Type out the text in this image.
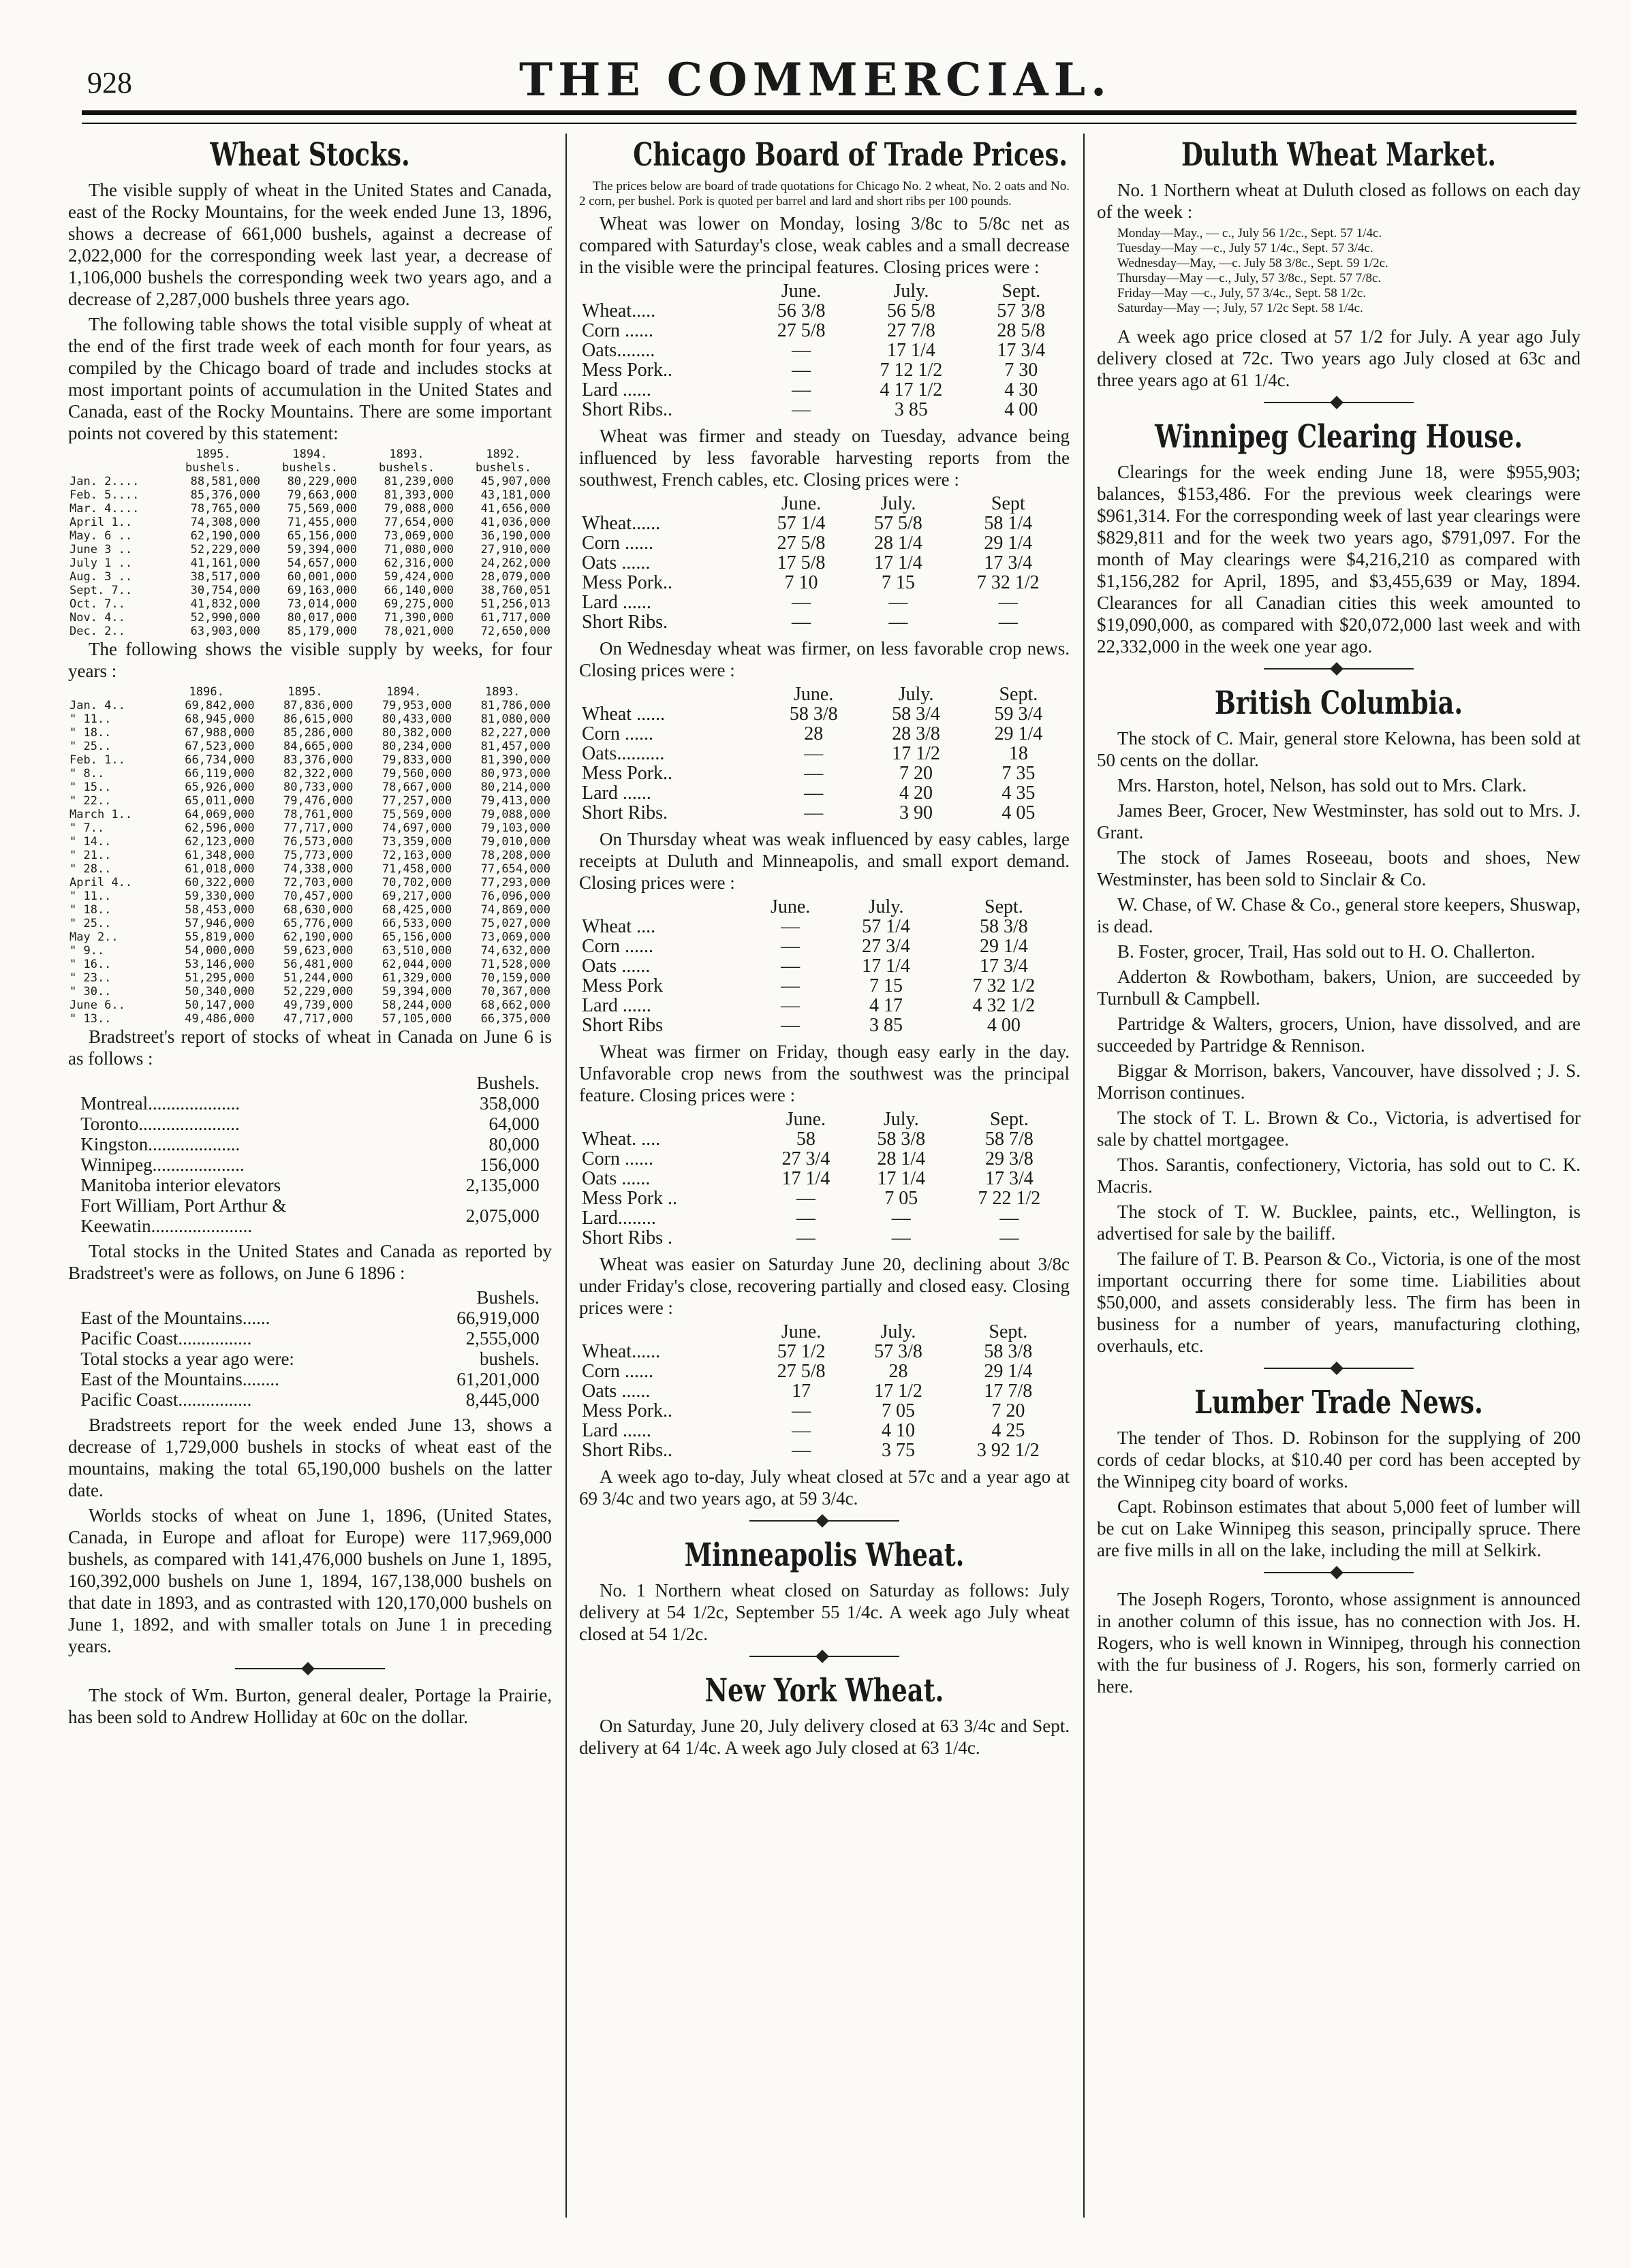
928	THE COMMERCIAL.
Wheat Stocks.

The visible supply of wheat in the United States and Canada, east of the Rocky Mountains, for the week ended June 13, 1896, shows a decrease of 661,000 bushels, against a decrease of 2,022,000 for the corresponding week last year, a decrease of 1,106,000 bushels the corresponding week two years ago, and a decrease of 2,287,000 bushels three years ago.

The following table shows the total visible supply of wheat at the end of the first trade week of each month for four years, as compiled by the Chicago board of trade and includes stocks at most important points of accumulation in the United States and Canada, east of the Rocky Mountains. There are some important points not covered by this statement:

	1895.	1894.	1893.	1892.
	bushels.	bushels.	bushels.	bushels.
Jan. 2....	88,581,000	80,229,000	81,239,000	45,907,000
Feb. 5....	85,376,000	79,663,000	81,393,000	43,181,000
Mar. 4....	78,765,000	75,569,000	79,088,000	41,656,000
April 1..	74,308,000	71,455,000	77,654,000	41,036,000
May. 6 ..	62,190,000	65,156,000	73,069,000	36,190,000
June 3 ..	52,229,000	59,394,000	71,080,000	27,910,000
July 1 ..	41,161,000	54,657,000	62,316,000	24,262,000
Aug. 3 ..	38,517,000	60,001,000	59,424,000	28,079,000
Sept. 7..	30,754,000	69,163,000	66,140,000	38,760,051
Oct. 7..	41,832,000	73,014,000	69,275,000	51,256,013
Nov. 4..	52,990,000	80,017,000	71,390,000	61,717,000
Dec. 2..	63,903,000	85,179,000	78,021,000	72,650,000

The following shows the visible supply by weeks, for four years :

	1896.	1895.	1894.	1893.
Jan. 4..	69,842,000	87,836,000	79,953,000	81,786,000
" 11..	68,945,000	86,615,000	80,433,000	81,080,000
" 18..	67,988,000	85,286,000	80,382,000	82,227,000
" 25..	67,523,000	84,665,000	80,234,000	81,457,000
Feb. 1..	66,734,000	83,376,000	79,833,000	81,390,000
" 8..	66,119,000	82,322,000	79,560,000	80,973,000
" 15..	65,926,000	80,733,000	78,667,000	80,214,000
" 22..	65,011,000	79,476,000	77,257,000	79,413,000
March 1..	64,069,000	78,761,000	75,569,000	79,088,000
" 7..	62,596,000	77,717,000	74,697,000	79,103,000
" 14..	62,123,000	76,573,000	73,359,000	79,010,000
" 21..	61,348,000	75,773,000	72,163,000	78,208,000
" 28..	61,018,000	74,338,000	71,458,000	77,654,000
April 4..	60,322,000	72,703,000	70,702,000	77,293,000
" 11..	59,330,000	70,457,000	69,217,000	76,096,000
" 18..	58,453,000	68,630,000	68,425,000	74,869,000
" 25..	57,946,000	65,776,000	66,533,000	75,027,000
May 2..	55,819,000	62,190,000	65,156,000	73,069,000
" 9..	54,000,000	59,623,000	63,510,000	74,632,000
" 16..	53,146,000	56,481,000	62,044,000	71,528,000
" 23..	51,295,000	51,244,000	61,329,000	70,159,000
" 30..	50,340,000	52,229,000	59,394,000	70,367,000
June 6..	50,147,000	49,739,000	58,244,000	68,662,000
" 13..	49,486,000	47,717,000	57,105,000	66,375,000

Bradstreet's report of stocks of wheat in Canada on June 6 is as follows :

	Bushels.
Montreal....................	358,000
Toronto......................	64,000
Kingston....................	80,000
Winnipeg....................	156,000
Manitoba interior elevators	2,135,000
Fort William, Port Arthur & Keewatin......................	2,075,000

Total stocks in the United States and Canada as reported by Bradstreet's were as follows, on June 6 1896 :

	Bushels.
East of the Mountains......	66,919,000
Pacific Coast................	2,555,000
Total stocks a year ago were:	bushels.
East of the Mountains........	61,201,000
Pacific Coast................	8,445,000

Bradstreets report for the week ended June 13, shows a decrease of 1,729,000 bushels in stocks of wheat east of the mountains, making the total 65,190,000 bushels on the latter date.

Worlds stocks of wheat on June 1, 1896, (United States, Canada, in Europe and afloat for Europe) were 117,969,000 bushels, as compared with 141,476,000 bushels on June 1, 1895, 160,392,000 bushels on June 1, 1894, 167,138,000 bushels on that date in 1893, and as contrasted with 120,170,000 bushels on June 1, 1892, and with smaller totals on June 1 in preceding years.

The stock of Wm. Burton, general dealer, Portage la Prairie, has been sold to Andrew Holliday at 60c on the dollar.

Chicago Board of Trade Prices.

The prices below are board of trade quotations for Chicago No. 2 wheat, No. 2 oats and No. 2 corn, per bushel. Pork is quoted per barrel and lard and short ribs per 100 pounds.

Wheat was lower on Monday, losing 3/8c to 5/8c net as compared with Saturday's close, weak cables and a small decrease in the visible were the principal features. Closing prices were :

	June.	July.	Sept.
Wheat.....	56 3/8	56 5/8	57 3/8
Corn ......	27 5/8	27 7/8	28 5/8
Oats........	—	17 1/4	17 3/4
Mess Pork..	—	7 12 1/2	7 30
Lard ......	—	4 17 1/2	4 30
Short Ribs..	—	3 85	4 00

Wheat was firmer and steady on Tuesday, advance being influenced by less favorable harvesting reports from the southwest, French cables, etc. Closing prices were :

	June.	July.	Sept
Wheat......	57 1/4	57 5/8	58 1/4
Corn ......	27 5/8	28 1/4	29 1/4
Oats ......	17 5/8	17 1/4	17 3/4
Mess Pork..	7 10	7 15	7 32 1/2
Lard ......	—	—	—
Short Ribs.	—	—	—

On Wednesday wheat was firmer, on less favorable crop news. Closing prices were :

	June.	July.	Sept.
Wheat ......	58 3/8	58 3/4	59 3/4
Corn ......	28	28 3/8	29 1/4
Oats..........	—	17 1/2	18
Mess Pork..	—	7 20	7 35
Lard ......	—	4 20	4 35
Short Ribs.	—	3 90	4 05

On Thursday wheat was weak influenced by easy cables, large receipts at Duluth and Minneapolis, and small export demand. Closing prices were :

	June.	July.	Sept.
Wheat ....	—	57 1/4	58 3/8
Corn ......	—	27 3/4	29 1/4
Oats ......	—	17 1/4	17 3/4
Mess Pork	—	7 15	7 32 1/2
Lard ......	—	4 17	4 32 1/2
Short Ribs	—	3 85	4 00

Wheat was firmer on Friday, though easy early in the day. Unfavorable crop news from the southwest was the principal feature. Closing prices were :

	June.	July.	Sept.
Wheat. ....	58	58 3/8	58 7/8
Corn ......	27 3/4	28 1/4	29 3/8
Oats ......	17 1/4	17 1/4	17 3/4
Mess Pork ..	—	7 05	7 22 1/2
Lard........	—	—	—
Short Ribs .	—	—	—

Wheat was easier on Saturday June 20, declining about 3/8c under Friday's close, recovering partially and closed easy. Closing prices were :

	June.	July.	Sept.
Wheat......	57 1/2	57 3/8	58 3/8
Corn ......	27 5/8	28	29 1/4
Oats ......	17	17 1/2	17 7/8
Mess Pork..	—	7 05	7 20
Lard ......	—	4 10	4 25
Short Ribs..	—	3 75	3 92 1/2

A week ago to-day, July wheat closed at 57c and a year ago at 69 3/4c and two years ago, at 59 3/4c.

Minneapolis Wheat.

No. 1 Northern wheat closed on Saturday as follows: July delivery at 54 1/2c, September 55 1/4c. A week ago July wheat closed at 54 1/2c.

New York Wheat.

On Saturday, June 20, July delivery closed at 63 3/4c and Sept. delivery at 64 1/4c. A week ago July closed at 63 1/4c.

Duluth Wheat Market.

No. 1 Northern wheat at Duluth closed as follows on each day of the week :

Monday—May., — c., July 56 1/2c., Sept. 57 1/4c.
Tuesday—May —c., July 57 1/4c., Sept. 57 3/4c.
Wednesday—May, —c. July 58 3/8c., Sept. 59 1/2c.
Thursday—May —c., July, 57 3/8c., Sept. 57 7/8c.
Friday—May —c., July, 57 3/4c., Sept. 58 1/2c.
Saturday—May —; July, 57 1/2c Sept. 58 1/4c.

A week ago price closed at 57 1/2 for July. A year ago July delivery closed at 72c. Two years ago July closed at 63c and three years ago at 61 1/4c.

Winnipeg Clearing House.

Clearings for the week ending June 18, were $955,903; balances, $153,486. For the previous week clearings were $961,314. For the corresponding week of last year clearings were $829,811 and for the week two years ago, $791,097. For the month of May clearings were $4,216,210 as compared with $1,156,282 for April, 1895, and $3,455,639 or May, 1894. Clearances for all Canadian cities this week amounted to $19,090,000, as compared with $20,072,000 last week and with 22,332,000 in the week one year ago.

British Columbia.

The stock of C. Mair, general store Kelowna, has been sold at 50 cents on the dollar.

Mrs. Harston, hotel, Nelson, has sold out to Mrs. Clark.

James Beer, Grocer, New Westminster, has sold out to Mrs. J. Grant.

The stock of James Roseeau, boots and shoes, New Westminster, has been sold to Sinclair & Co.

W. Chase, of W. Chase & Co., general store keepers, Shuswap, is dead.

B. Foster, grocer, Trail, Has sold out to H. O. Challerton.

Adderton & Rowbotham, bakers, Union, are succeeded by Turnbull & Campbell.

Partridge & Walters, grocers, Union, have dissolved, and are succeeded by Partridge & Rennison.

Biggar & Morrison, bakers, Vancouver, have dissolved ; J. S. Morrison continues.

The stock of T. L. Brown & Co., Victoria, is advertised for sale by chattel mortgagee.

Thos. Sarantis, confectionery, Victoria, has sold out to C. K. Macris.

The stock of T. W. Bucklee, paints, etc., Wellington, is advertised for sale by the bailiff.

The failure of T. B. Pearson & Co., Victoria, is one of the most important occurring there for some time. Liabilities about $50,000, and assets considerably less. The firm has been in business for a number of years, manufacturing clothing, overhauls, etc.

Lumber Trade News.

The tender of Thos. D. Robinson for the supplying of 200 cords of cedar blocks, at $10.40 per cord has been accepted by the Winnipeg city board of works.

Capt. Robinson estimates that about 5,000 feet of lumber will be cut on Lake Winnipeg this season, principally spruce. There are five mills in all on the lake, including the mill at Selkirk.

The Joseph Rogers, Toronto, whose assignment is announced in another column of this issue, has no connection with Jos. H. Rogers, who is well known in Winnipeg, through his connection with the fur business of J. Rogers, his son, formerly carried on here.
